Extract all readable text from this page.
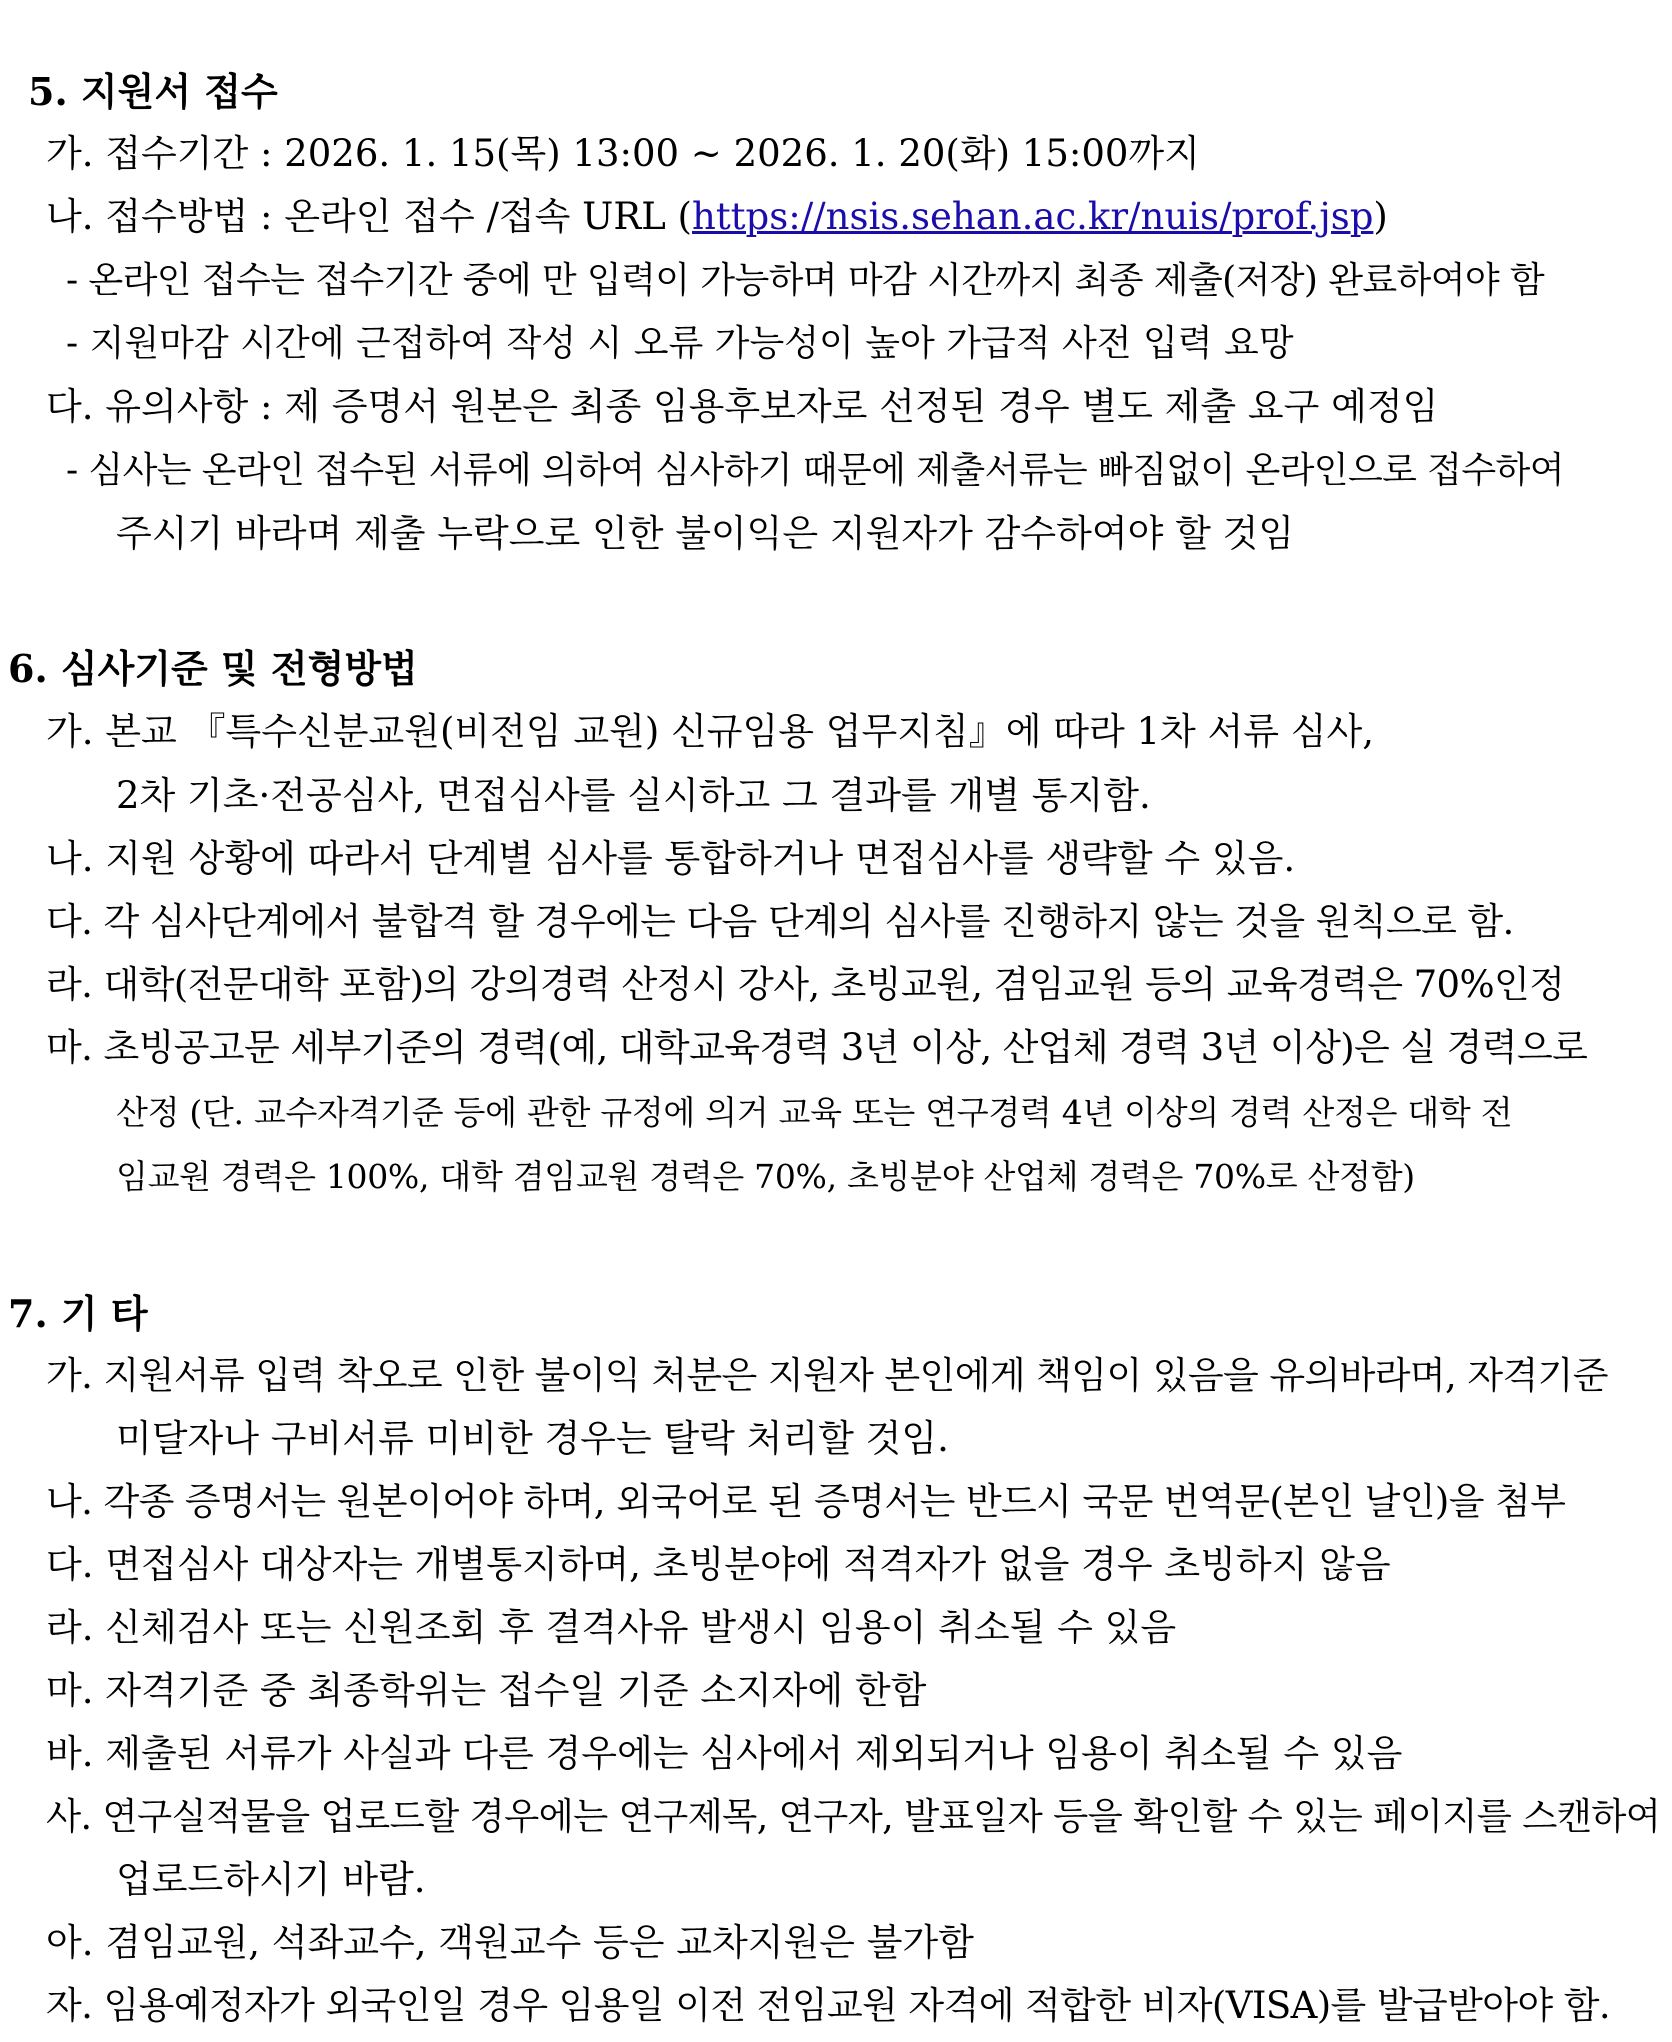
5. 지원서 접수
가. 접수기간 : 2026. 1. 15(목) 13:00 ~ 2026. 1. 20(화) 15:00까지
나. 접수방법 : 온라인 접수 /접속 URL (https://nsis.sehan.ac.kr/nuis/prof.jsp)
- 온라인 접수는 접수기간 중에 만 입력이 가능하며 마감 시간까지 최종 제출(저장) 완료하여야 함
- 지원마감 시간에 근접하여 작성 시 오류 가능성이 높아 가급적 사전 입력 요망
다. 유의사항 : 제 증명서 원본은 최종 임용후보자로 선정된 경우 별도 제출 요구 예정임
- 심사는 온라인 접수된 서류에 의하여 심사하기 때문에 제출서류는 빠짐없이 온라인으로 접수하여
주시기 바라며 제출 누락으로 인한 불이익은 지원자가 감수하여야 할 것임
6. 심사기준 및 전형방법
가. 본교 『특수신분교원(비전임 교원) 신규임용 업무지침』에 따라 1차 서류 심사,
2차 기초·전공심사, 면접심사를 실시하고 그 결과를 개별 통지함.
나. 지원 상황에 따라서 단계별 심사를 통합하거나 면접심사를 생략할 수 있음.
다. 각 심사단계에서 불합격 할 경우에는 다음 단계의 심사를 진행하지 않는 것을 원칙으로 함.
라. 대학(전문대학 포함)의 강의경력 산정시 강사, 초빙교원, 겸임교원 등의 교육경력은 70%인정
마. 초빙공고문 세부기준의 경력(예, 대학교육경력 3년 이상, 산업체 경력 3년 이상)은 실 경력으로
산정 (단. 교수자격기준 등에 관한 규정에 의거 교육 또는 연구경력 4년 이상의 경력 산정은 대학 전
임교원 경력은 100%, 대학 겸임교원 경력은 70%, 초빙분야 산업체 경력은 70%로 산정함)
7. 기 타
가. 지원서류 입력 착오로 인한 불이익 처분은 지원자 본인에게 책임이 있음을 유의바라며, 자격기준
미달자나 구비서류 미비한 경우는 탈락 처리할 것임.
나. 각종 증명서는 원본이어야 하며, 외국어로 된 증명서는 반드시 국문 번역문(본인 날인)을 첨부
다. 면접심사 대상자는 개별통지하며, 초빙분야에 적격자가 없을 경우 초빙하지 않음
라. 신체검사 또는 신원조회 후 결격사유 발생시 임용이 취소될 수 있음
마. 자격기준 중 최종학위는 접수일 기준 소지자에 한함
바. 제출된 서류가 사실과 다른 경우에는 심사에서 제외되거나 임용이 취소될 수 있음
사. 연구실적물을 업로드할 경우에는 연구제목, 연구자, 발표일자 등을 확인할 수 있는 페이지를 스캔하여
업로드하시기 바람.
아. 겸임교원, 석좌교수, 객원교수 등은 교차지원은 불가함
자. 임용예정자가 외국인일 경우 임용일 이전 전임교원 자격에 적합한 비자(VISA)를 발급받아야 함.
